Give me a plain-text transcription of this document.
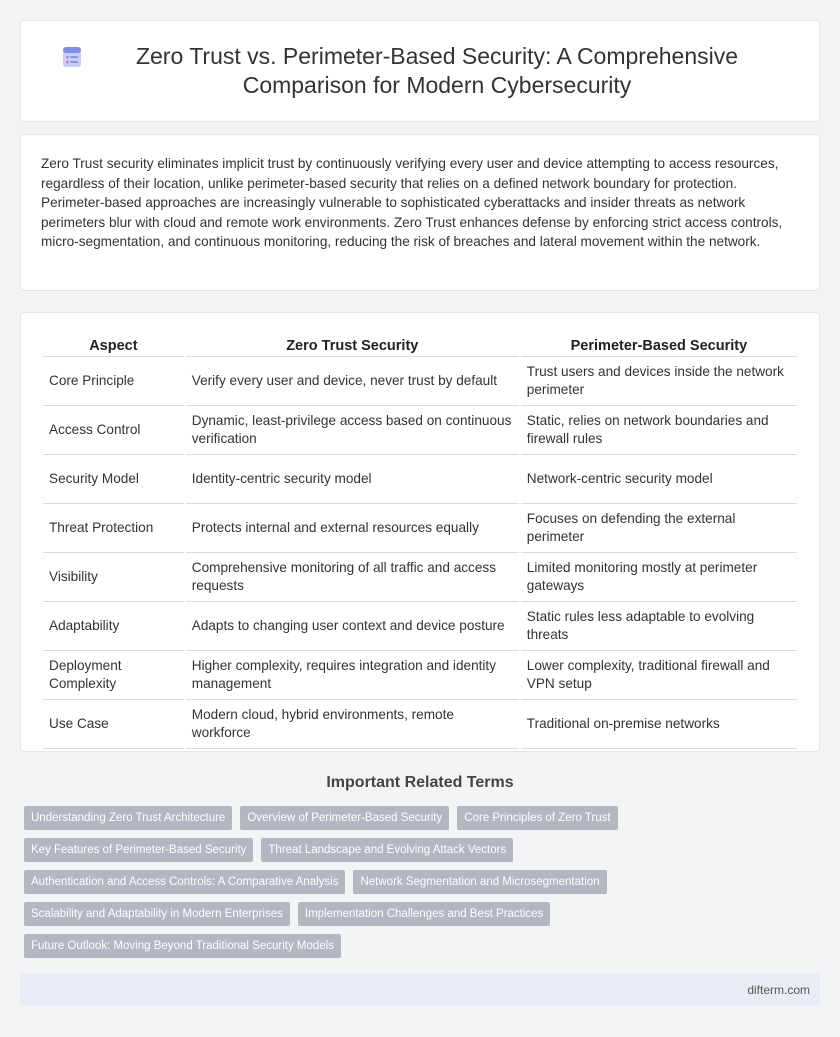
Zero Trust vs. Perimeter-Based Security: A Comprehensive Comparison for Modern Cybersecurity

Zero Trust security eliminates implicit trust by continuously verifying every user and device attempting to access resources, regardless of their location, unlike perimeter-based security that relies on a defined network boundary for protection. Perimeter-based approaches are increasingly vulnerable to sophisticated cyberattacks and insider threats as network perimeters blur with cloud and remote work environments. Zero Trust enhances defense by enforcing strict access controls, micro-segmentation, and continuous monitoring, reducing the risk of breaches and lateral movement within the network.

Aspect	Zero Trust Security	Perimeter-Based Security
Core Principle	Verify every user and device, never trust by default	Trust users and devices inside the network perimeter
Access Control	Dynamic, least-privilege access based on continuous verification	Static, relies on network boundaries and firewall rules
Security Model	Identity-centric security model	Network-centric security model
Threat Protection	Protects internal and external resources equally	Focuses on defending the external perimeter
Visibility	Comprehensive monitoring of all traffic and access requests	Limited monitoring mostly at perimeter gateways
Adaptability	Adapts to changing user context and device posture	Static rules less adaptable to evolving threats
Deployment Complexity	Higher complexity, requires integration and identity management	Lower complexity, traditional firewall and VPN setup
Use Case	Modern cloud, hybrid environments, remote workforce	Traditional on-premise networks
Important Related Terms
Understanding Zero Trust Architecture	Overview of Perimeter-Based Security	Core Principles of Zero Trust
Key Features of Perimeter-Based Security	Threat Landscape and Evolving Attack Vectors
Authentication and Access Controls: A Comparative Analysis	Network Segmentation and Microsegmentation
Scalability and Adaptability in Modern Enterprises	Implementation Challenges and Best Practices
Future Outlook: Moving Beyond Traditional Security Models
difterm.com
